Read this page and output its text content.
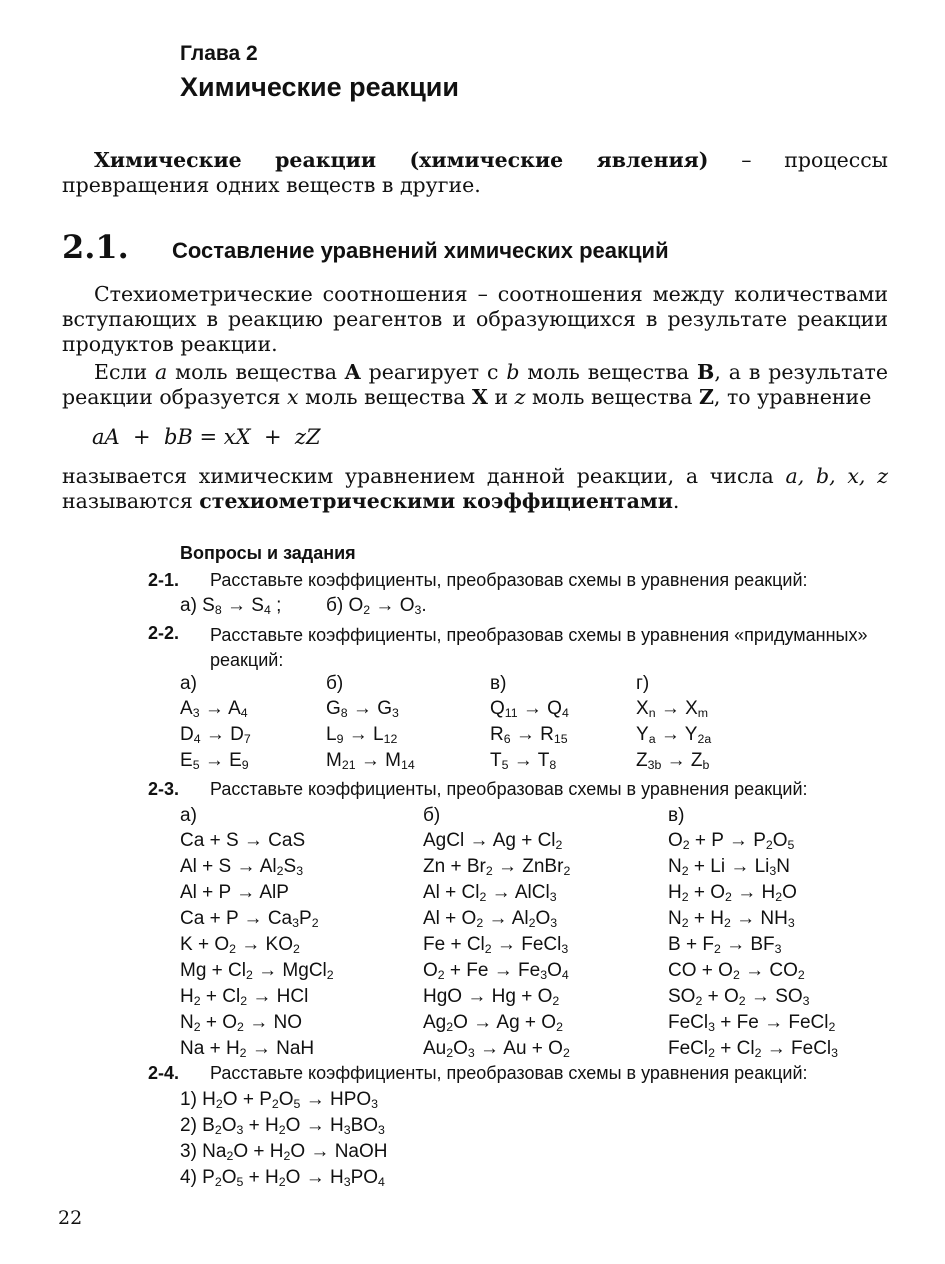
Глава 2
Химические реакции

Химические реакции (химические явления) – процессы превращения одних веществ в другие.

2.1. Составление уравнений химических реакций

Стехиометрические соотношения – соотношения между количествами вступающих в реакцию реагентов и образующихся в результате реакции продуктов реакции.

Если a моль вещества A реагирует с b моль вещества B, а в результате реакции образуется x моль вещества X и z моль вещества Z, то уравнение

aA  +  bB = xX  +  zZ

называется химическим уравнением данной реакции, а числа a, b, x, z называются стехиометрическими коэффициентами.

Вопросы и задания
2-1. Расставьте коэффициенты, преобразовав схемы в уравнения реакций:
а) $S_8 \to S_4$ ; б) $O_2 \to O_3$.
2-2. Расставьте коэффициенты, преобразовав схемы в уравнения «придуманных» реакций:
а)	б)	в)	г)
$A_3 \to A_4$	$G_8 \to G_3$	$Q_{11} \to Q_4$	$X_n \to X_m$
$D_4 \to D_7$	$L_9 \to L_{12}$	$R_6 \to R_{15}$	$Y_a \to Y_{2a}$
$E_5 \to E_9$	$M_{21} \to M_{14}$	$T_5 \to T_8$	$Z_{3b} \to Z_b$
2-3. Расставьте коэффициенты, преобразовав схемы в уравнения реакций:
а)	б)	в)
Ca + S → CaS	AgCl → $Ag + Cl_2$	$O_2 + P \to P_2O_5$
$Al + S \to Al_2S_3$	$Zn + Br_2$ → ZnBr$_2$	$N_2 + Li \to Li_3N$
Al + P → AlP	$Al + Cl_2$ → AlCl$_3$	$H_2 + O_2 \to H_2O$
$Ca + P \to Ca_3P_2$	$Al + O_2 \to Al_2O_3$	$N_2 + H_2 \to NH_3$
$K + O_2 \to KO_2$	$Fe + Cl_2$ → FeCl$_3$	$B + F_2 \to BF_3$
$Mg + Cl_2$ → MgCl$_2$	$O_2 + Fe \to Fe_3O_4$	CO + $O_2 \to CO_2$
$H_2 + Cl_2$ → HCl	HgO → $Hg + O_2$	$SO_2 + O_2 \to SO_3$
$N_2 + O_2$ → NO	$Ag_2O \to Ag + O_2$	FeCl$_3$ + Fe → FeCl$_2$
$Na + H_2$ → NaH	$Au_2O_3 \to Au + O_2$	FeCl$_2$ + $Cl_2$ → FeCl$_3$
2-4. Расставьте коэффициенты, преобразовав схемы в уравнения реакций:
1) $H_2O + P_2O_5 \to HPO_3$
2) $B_2O_3 + H_2O \to H_3BO_3$
3) $Na_2O + H_2O$ → NaOH
4) $P_2O_5 + H_2O \to H_3PO_4$
22
